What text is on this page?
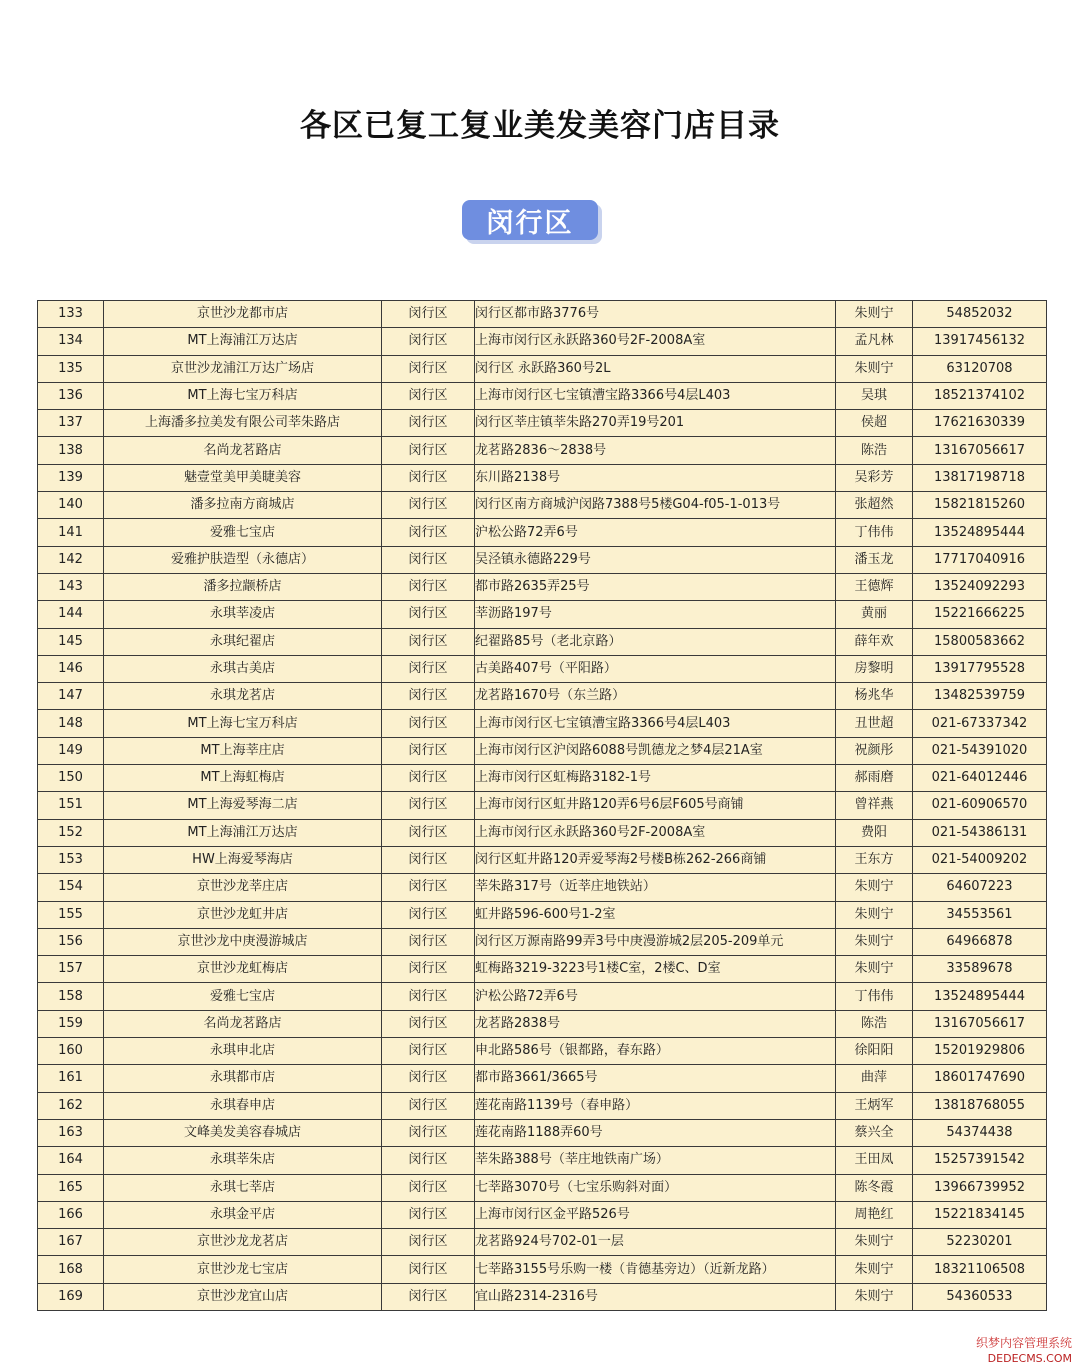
各区已复工复业美发美容门店目录
闵行区
133	京世沙龙都市店	闵行区	闵行区都市路3776号	朱则宁	54852032
134	MT上海浦江万达店	闵行区	上海市闵行区永跃路360号2F-2008A室	孟凡林	13917456132
135	京世沙龙浦江万达广场店	闵行区	闵行区 永跃路360号2L	朱则宁	63120708
136	MT上海七宝万科店	闵行区	上海市闵行区七宝镇漕宝路3366号4层L403	吴琪	18521374102
137	上海潘多拉美发有限公司莘朱路店	闵行区	闵行区莘庄镇莘朱路270弄19号201	侯超	17621630339
138	名尚龙茗路店	闵行区	龙茗路2836～2838号	陈浩	13167056617
139	魅壹堂美甲美睫美容	闵行区	东川路2138号	吴彩芳	13817198718
140	潘多拉南方商城店	闵行区	闵行区南方商城沪闵路7388号5楼G04-f05-1-013号	张超然	15821815260
141	爱雅七宝店	闵行区	沪松公路72弄6号	丁伟伟	13524895444
142	爱雅护肤造型（永德店）	闵行区	吴泾镇永德路229号	潘玉龙	17717040916
143	潘多拉颛桥店	闵行区	都市路2635弄25号	王德辉	13524092293
144	永琪莘凌店	闵行区	莘沥路197号	黄丽	15221666225
145	永琪纪翟店	闵行区	纪翟路85号（老北京路）	薛年欢	15800583662
146	永琪古美店	闵行区	古美路407号（平阳路）	房黎明	13917795528
147	永琪龙茗店	闵行区	龙茗路1670号（东兰路）	杨兆华	13482539759
148	MT上海七宝万科店	闵行区	上海市闵行区七宝镇漕宝路3366号4层L403	丑世超	021-67337342
149	MT上海莘庄店	闵行区	上海市闵行区沪闵路6088号凯德龙之梦4层21A室	祝颜彤	021-54391020
150	MT上海虹梅店	闵行区	上海市闵行区虹梅路3182-1号	郝雨磨	021-64012446
151	MT上海爱琴海二店	闵行区	上海市闵行区虹井路120弄6号6层F605号商铺	曾祥燕	021-60906570
152	MT上海浦江万达店	闵行区	上海市闵行区永跃路360号2F-2008A室	费阳	021-54386131
153	HW上海爱琴海店	闵行区	闵行区虹井路120弄爱琴海2号楼B栋262-266商铺	王东方	021-54009202
154	京世沙龙莘庄店	闵行区	莘朱路317号（近莘庄地铁站）	朱则宁	64607223
155	京世沙龙虹井店	闵行区	虹井路596-600号1-2室	朱则宁	34553561
156	京世沙龙中庚漫游城店	闵行区	闵行区万源南路99弄3号中庚漫游城2层205-209单元	朱则宁	64966878
157	京世沙龙虹梅店	闵行区	虹梅路3219-3223号1楼C室，2楼C、D室	朱则宁	33589678
158	爱雅七宝店	闵行区	沪松公路72弄6号	丁伟伟	13524895444
159	名尚龙茗路店	闵行区	龙茗路2838号	陈浩	13167056617
160	永琪申北店	闵行区	申北路586号（银都路，春东路）	徐阳阳	15201929806
161	永琪都市店	闵行区	都市路3661/3665号	曲萍	18601747690
162	永琪春申店	闵行区	莲花南路1139号（春申路）	王炳军	13818768055
163	文峰美发美容春城店	闵行区	莲花南路1188弄60号	蔡兴全	54374438
164	永琪莘朱店	闵行区	莘朱路388号（莘庄地铁南广场）	王田凤	15257391542
165	永琪七莘店	闵行区	七莘路3070号（七宝乐购斜对面）	陈冬霞	13966739952
166	永琪金平店	闵行区	上海市闵行区金平路526号	周艳红	15221834145
167	京世沙龙龙茗店	闵行区	龙茗路924号702-01一层	朱则宁	52230201
168	京世沙龙七宝店	闵行区	七莘路3155号乐购一楼（肯德基旁边）（近新龙路）	朱则宁	18321106508
169	京世沙龙宜山店	闵行区	宜山路2314-2316号	朱则宁	54360533
织梦内容管理系统
DEDECMS.COM
